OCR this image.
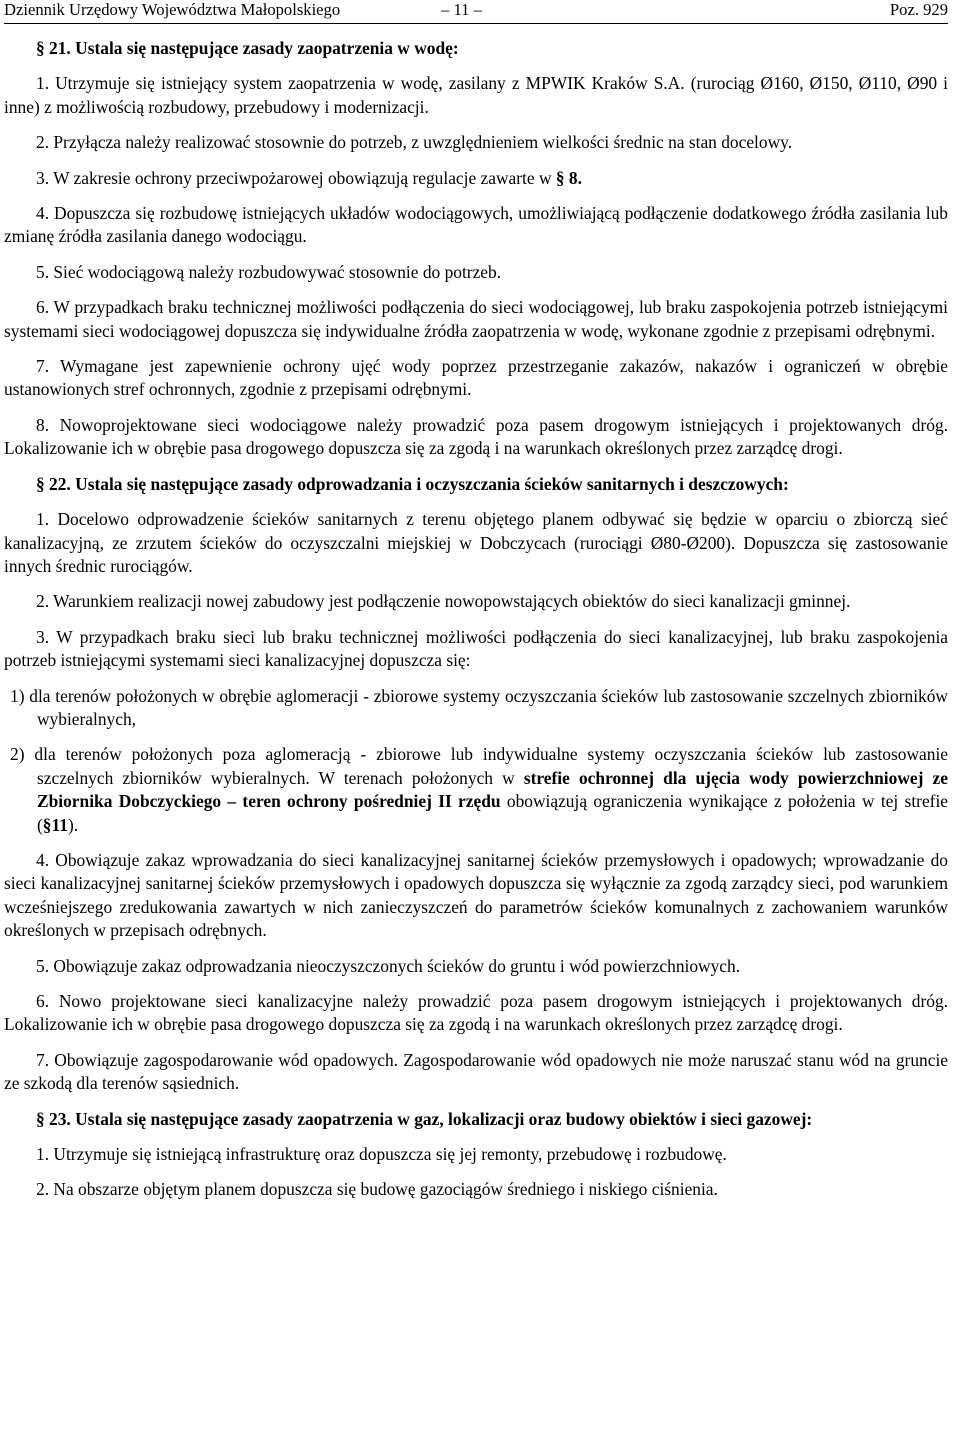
Dziennik Urzędowy Województwa Małopolskiego	– 11 –	Poz. 929

§ 21. Ustala się następujące zasady zaopatrzenia w wodę:

1. Utrzymuje się istniejący system zaopatrzenia w wodę, zasilany z MPWIK Kraków S.A. (rurociąg Ø160, Ø150, Ø110, Ø90 i inne) z możliwością rozbudowy, przebudowy i modernizacji.

2. Przyłącza należy realizować stosownie do potrzeb, z uwzględnieniem wielkości średnic na stan docelowy.

3. W zakresie ochrony przeciwpożarowej obowiązują regulacje zawarte w § 8.

4. Dopuszcza się rozbudowę istniejących układów wodociągowych, umożliwiającą podłączenie dodatkowego źródła zasilania lub zmianę źródła zasilania danego wodociągu.

5. Sieć wodociągową należy rozbudowywać stosownie do potrzeb.

6. W przypadkach braku technicznej możliwości podłączenia do sieci wodociągowej, lub braku zaspokojenia potrzeb istniejącymi systemami sieci wodociągowej dopuszcza się indywidualne źródła zaopatrzenia w wodę, wykonane zgodnie z przepisami odrębnymi.

7. Wymagane jest zapewnienie ochrony ujęć wody poprzez przestrzeganie zakazów, nakazów i ograniczeń w obrębie ustanowionych stref ochronnych, zgodnie z przepisami odrębnymi.

8. Nowoprojektowane sieci wodociągowe należy prowadzić poza pasem drogowym istniejących i projektowanych dróg. Lokalizowanie ich w obrębie pasa drogowego dopuszcza się za zgodą i na warunkach określonych przez zarządcę drogi.

§ 22. Ustala się następujące zasady odprowadzania i oczyszczania ścieków sanitarnych i deszczowych:

1. Docelowo odprowadzenie ścieków sanitarnych z terenu objętego planem odbywać się będzie w oparciu o zbiorczą sieć kanalizacyjną, ze zrzutem ścieków do oczyszczalni miejskiej w Dobczycach (rurociągi Ø80-Ø200). Dopuszcza się zastosowanie innych średnic rurociągów.

2. Warunkiem realizacji nowej zabudowy jest podłączenie nowopowstających obiektów do sieci kanalizacji gminnej.

3. W przypadkach braku sieci lub braku technicznej możliwości podłączenia do sieci kanalizacyjnej, lub braku zaspokojenia potrzeb istniejącymi systemami sieci kanalizacyjnej dopuszcza się:

1) dla terenów położonych w obrębie aglomeracji - zbiorowe systemy oczyszczania ścieków lub zastosowanie szczelnych zbiorników wybieralnych,

2) dla terenów położonych poza aglomeracją - zbiorowe lub indywidualne systemy oczyszczania ścieków lub zastosowanie szczelnych zbiorników wybieralnych. W terenach położonych w strefie ochronnej dla ujęcia wody powierzchniowej ze Zbiornika Dobczyckiego – teren ochrony pośredniej II rzędu obowiązują ograniczenia wynikające z położenia w tej strefie (§11).

4. Obowiązuje zakaz wprowadzania do sieci kanalizacyjnej sanitarnej ścieków przemysłowych i opadowych; wprowadzanie do sieci kanalizacyjnej sanitarnej ścieków przemysłowych i opadowych dopuszcza się wyłącznie za zgodą zarządcy sieci, pod warunkiem wcześniejszego zredukowania zawartych w nich zanieczyszczeń do parametrów ścieków komunalnych z zachowaniem warunków określonych w przepisach odrębnych.

5. Obowiązuje zakaz odprowadzania nieoczyszczonych ścieków do gruntu i wód powierzchniowych.

6. Nowo projektowane sieci kanalizacyjne należy prowadzić poza pasem drogowym istniejących i projektowanych dróg. Lokalizowanie ich w obrębie pasa drogowego dopuszcza się za zgodą i na warunkach określonych przez zarządcę drogi.

7. Obowiązuje zagospodarowanie wód opadowych. Zagospodarowanie wód opadowych nie może naruszać stanu wód na gruncie ze szkodą dla terenów sąsiednich.

§ 23. Ustala się następujące zasady zaopatrzenia w gaz, lokalizacji oraz budowy obiektów i sieci gazowej:

1. Utrzymuje się istniejącą infrastrukturę oraz dopuszcza się jej remonty, przebudowę i rozbudowę.

2. Na obszarze objętym planem dopuszcza się budowę gazociągów średniego i niskiego ciśnienia.
